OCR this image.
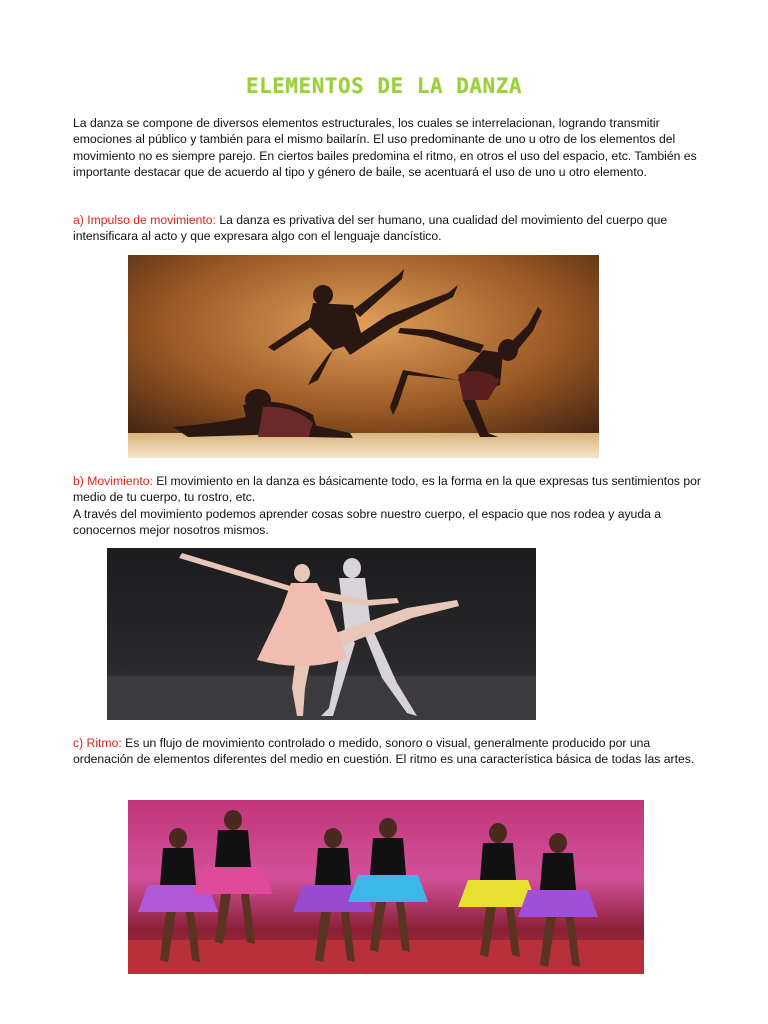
ELEMENTOS DE LA DANZA
La danza se compone de diversos elementos estructurales, los cuales se interrelacionan, logrando transmitir emociones al público y también para el mismo bailarín. El uso predominante de uno u otro de los elementos del movimiento no es siempre parejo. En ciertos bailes predomina el ritmo, en otros el uso del espacio, etc. También es importante destacar que de acuerdo al tipo y género de baile, se acentuará el uso de uno u otro elemento.
a) Impulso de movimiento: La danza es privativa del ser humano, una cualidad del movimiento del cuerpo que intensificara al acto y que expresara algo con el lenguaje dancístico.
b) Movimiento: El movimiento en la danza es básicamente todo, es la forma en la que expresas tus sentimientos por medio de tu cuerpo, tu rostro, etc.
A través del movimiento podemos aprender cosas sobre nuestro cuerpo, el espacio que nos rodea y ayuda a conocernos mejor nosotros mismos.
c) Ritmo: Es un flujo de movimiento controlado o medido, sonoro o visual, generalmente producido por una ordenación de elementos diferentes del medio en cuestión. El ritmo es una característica básica de todas las artes.
